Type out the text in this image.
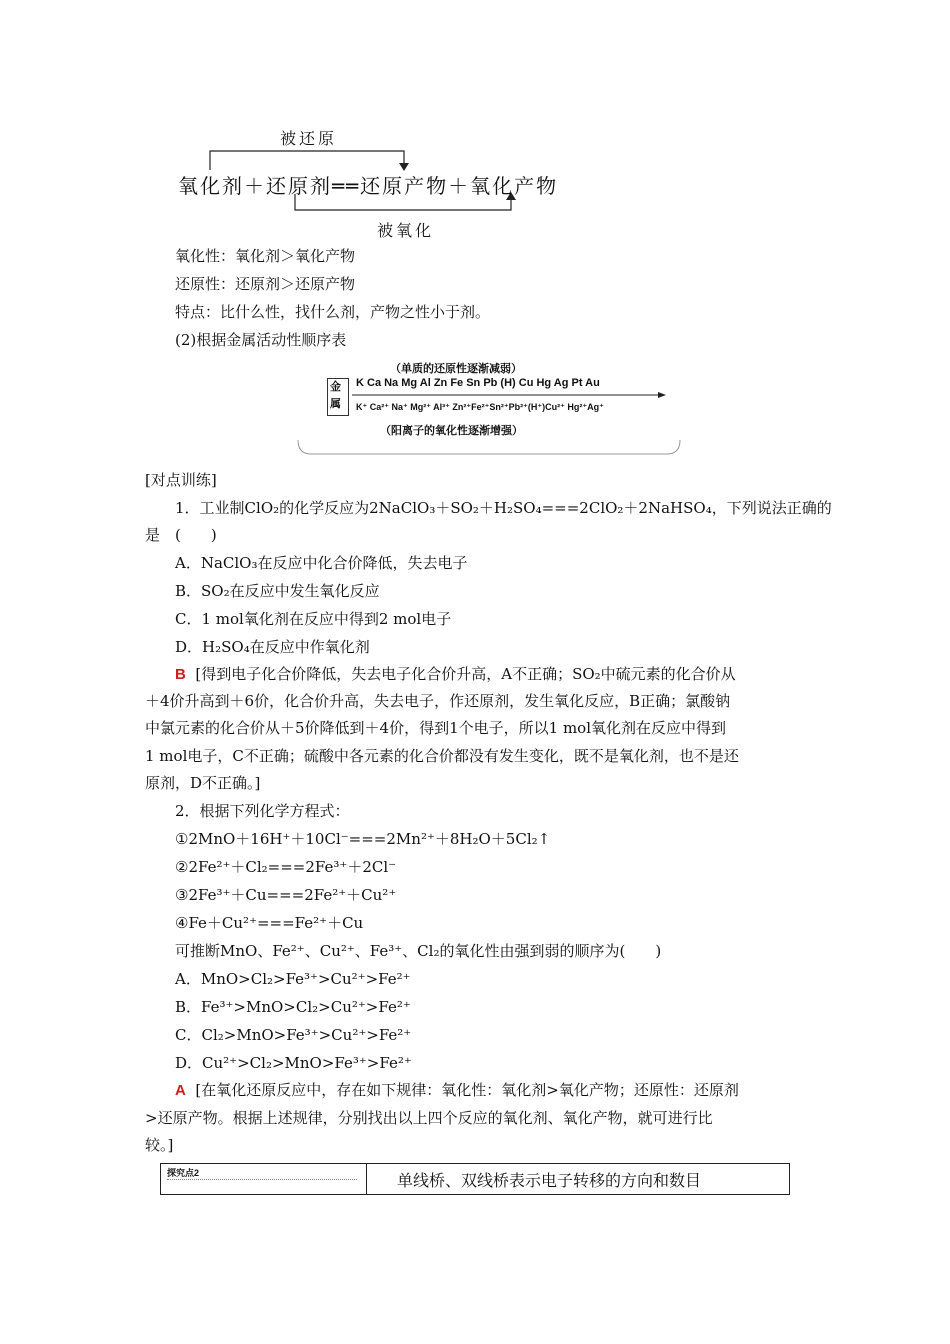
被还原
氧化剂＋还原剂══还原产物＋氧化产物
被氧化
氧化性：氧化剂＞氧化产物
还原性：还原剂＞还原产物
特点：比什么性，找什么剂，产物之性小于剂。
(2)根据金属活动性顺序表
（单质的还原性逐渐减弱）
金属
K Ca Na Mg Al Zn Fe Sn Pb (H) Cu Hg Ag Pt Au
K⁺ Ca²⁺ Na⁺ Mg²⁺ Al³⁺ Zn²⁺Fe²⁺Sn²⁺Pb²⁺(H⁺)Cu²⁺ Hg²⁺Ag⁺
（阳离子的氧化性逐渐增强）
[对点训练]
1．工业制ClO₂的化学反应为2NaClO₃＋SO₂＋H₂SO₄===2ClO₂＋2NaHSO₄，下列说法正确的
是　(　　)
A．NaClO₃在反应中化合价降低，失去电子
B．SO₂在反应中发生氧化反应
C．1 mol氧化剂在反应中得到2 mol电子
D．H₂SO₄在反应中作氧化剂
B [得到电子化合价降低，失去电子化合价升高，A不正确；SO₂中硫元素的化合价从
＋4价升高到＋6价，化合价升高，失去电子，作还原剂，发生氧化反应，B正确；氯酸钠
中氯元素的化合价从＋5价降低到＋4价，得到1个电子，所以1 mol氧化剂在反应中得到
1 mol电子，C不正确；硫酸中各元素的化合价都没有发生变化，既不是氧化剂，也不是还
原剂，D不正确。]
2．根据下列化学方程式：
①2MnO＋16H⁺＋10Cl⁻===2Mn²⁺＋8H₂O＋5Cl₂↑
②2Fe²⁺＋Cl₂===2Fe³⁺＋2Cl⁻
③2Fe³⁺＋Cu===2Fe²⁺＋Cu²⁺
④Fe＋Cu²⁺===Fe²⁺＋Cu
可推断MnO、Fe²⁺、Cu²⁺、Fe³⁺、Cl₂的氧化性由强到弱的顺序为(　　)
A．MnO>Cl₂>Fe³⁺>Cu²⁺>Fe²⁺
B．Fe³⁺>MnO>Cl₂>Cu²⁺>Fe²⁺
C．Cl₂>MnO>Fe³⁺>Cu²⁺>Fe²⁺
D．Cu²⁺>Cl₂>MnO>Fe³⁺>Fe²⁺
A [在氧化还原反应中，存在如下规律：氧化性：氧化剂>氧化产物；还原性：还原剂
>还原产物。根据上述规律，分别找出以上四个反应的氧化剂、氧化产物，就可进行比
较。]
探究点2	单线桥、双线桥表示电子转移的方向和数目
